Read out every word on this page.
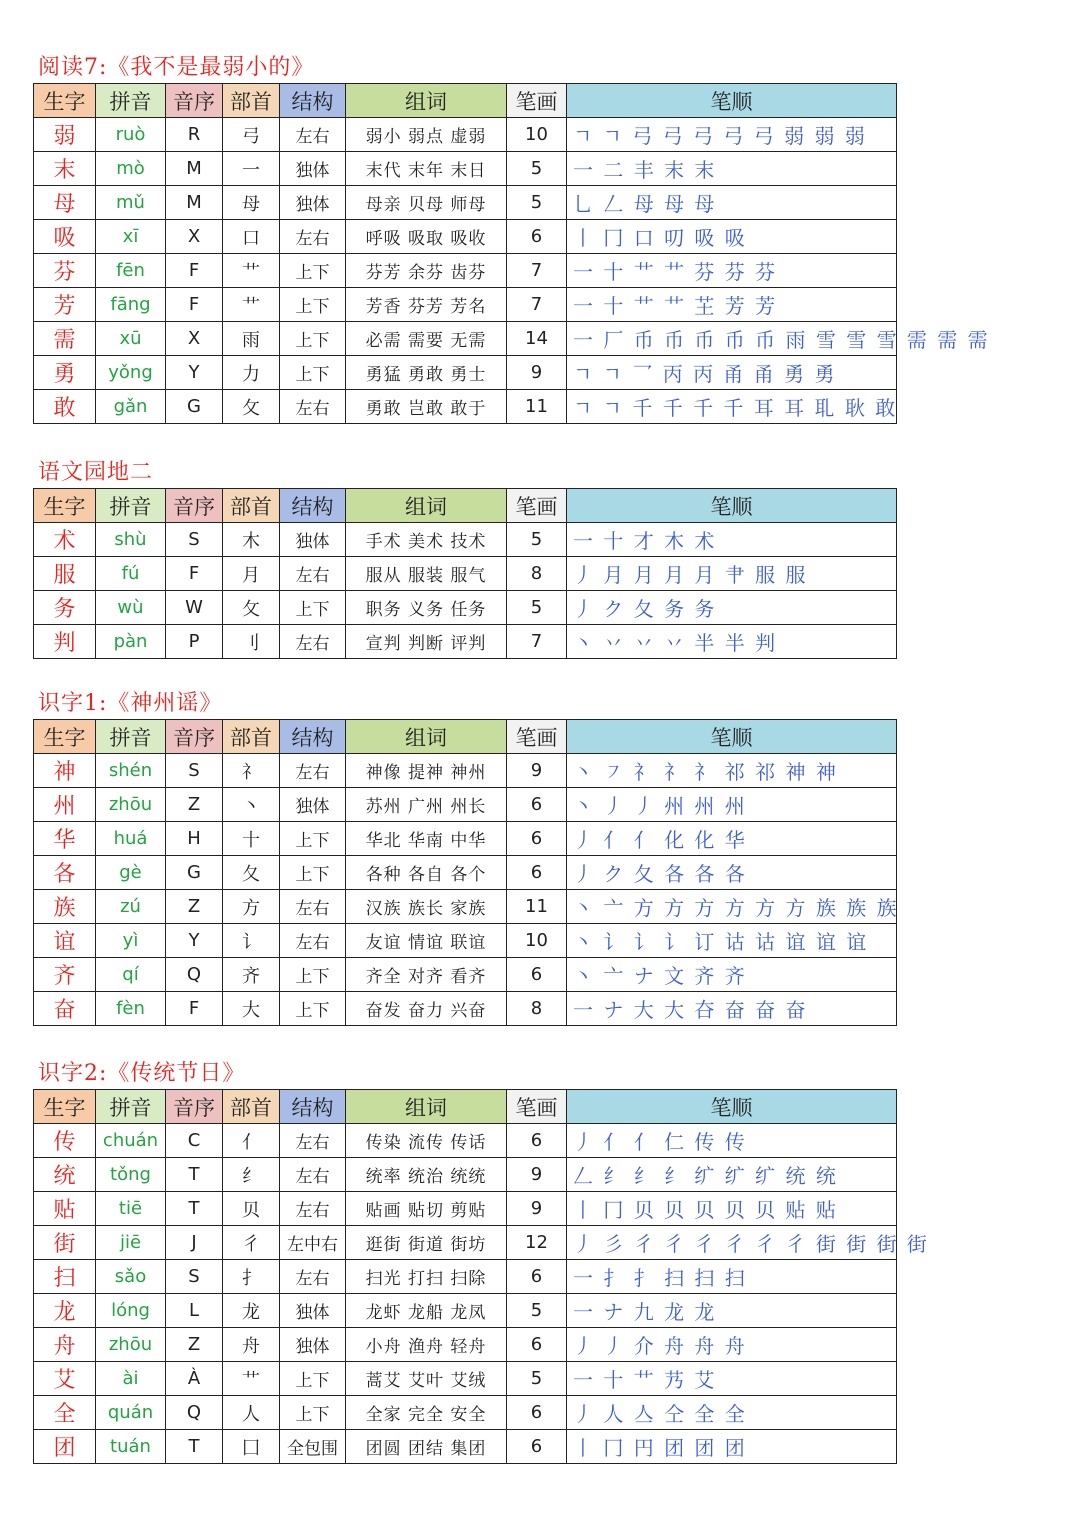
阅读7:《我不是最弱小的》
生字	拼音	音序	部首	结构	组词	笔画	笔顺
弱	ruò	R	弓	左右	弱小 弱点 虚弱	10	ㄱ ㄱ 弓 弓 弓 弓 弓 弱 弱 弱
末	mò	M	一	独体	末代 末年 末日	5	一 二 丰 末 末
母	mǔ	M	母	独体	母亲 贝母 师母	5	乚 𠃋 母 母 母
吸	xī	X	口	左右	呼吸 吸取 吸收	6	丨 冂 口 叨 吸 吸
芬	fēn	F	艹	上下	芬芳 余芬 齿芬	7	一 十 艹 艹 芬 芬 芬
芳	fāng	F	艹	上下	芳香 芬芳 芳名	7	一 十 艹 艹 芏 芳 芳
需	xū	X	雨	上下	必需 需要 无需	14	一 厂 币 币 币 币 币 雨 雪 雪 雪 需 需 需
勇	yǒng	Y	力	上下	勇猛 勇敢 勇士	9	ㄱ ㄱ 乛 丙 丙 甬 甬 勇 勇
敢	gǎn	G	攵	左右	勇敢 岂敢 敢于	11	ㄱ ㄱ 千 千 千 千 耳 耳 耴 耿 敢
语文园地二
生字	拼音	音序	部首	结构	组词	笔画	笔顺
术	shù	S	木	独体	手术 美术 技术	5	一 十 才 木 术
服	fú	F	月	左右	服从 服装 服气	8	丿 月 月 月 月 肀 服 服
务	wù	W	攵	上下	职务 义务 任务	5	丿 ク 夂 务 务
判	pàn	P	刂	左右	宣判 判断 评判	7	丶 丷 丷 丷 半 半 判
识字1:《神州谣》
生字	拼音	音序	部首	结构	组词	笔画	笔顺
神	shén	S	礻	左右	神像 提神 神州	9	丶 ㇇ 礻 礻 礻 祁 祁 神 神
州	zhōu	Z	丶	独体	苏州 广州 州长	6	丶 丿 丿 州 州 州
华	huá	H	十	上下	华北 华南 中华	6	丿 亻 亻 化 化 华
各	gè	G	夂	上下	各种 各自 各个	6	丿 ク 夂 各 各 各
族	zú	Z	方	左右	汉族 族长 家族	11	丶 亠 方 方 方 方 方 方 族 族 族
谊	yì	Y	讠	左右	友谊 情谊 联谊	10	丶 讠 讠 讠 订 诂 诂 谊 谊 谊
齐	qí	Q	齐	上下	齐全 对齐 看齐	6	丶 亠 ナ 文 齐 齐
奋	fèn	F	大	上下	奋发 奋力 兴奋	8	一 ナ 大 大 夻 奋 奋 奋
识字2:《传统节日》
生字	拼音	音序	部首	结构	组词	笔画	笔顺
传	chuán	C	亻	左右	传染 流传 传话	6	丿 亻 亻 仁 传 传
统	tǒng	T	纟	左右	统率 统治 统统	9	𠃋 纟 纟 纟 纩 纩 纩 统 统
贴	tiē	T	贝	左右	贴画 贴切 剪贴	9	丨 冂 贝 贝 贝 贝 贝 贴 贴
街	jiē	J	彳	左中右	逛街 街道 街坊	12	丿 彡 彳 彳 彳 彳 彳 彳 街 街 街 街
扫	sǎo	S	扌	左右	扫光 打扫 扫除	6	一 扌 扌 扫 扫 扫
龙	lóng	L	龙	独体	龙虾 龙船 龙凤	5	一 ナ 九 龙 龙
舟	zhōu	Z	舟	独体	小舟 渔舟 轻舟	6	丿 丿 介 舟 舟 舟
艾	ài	À	艹	上下	蒿艾 艾叶 艾绒	5	一 十 艹 艿 艾
全	quán	Q	人	上下	全家 完全 安全	6	丿 人 亼 仝 全 全
团	tuán	T	囗	全包围	团圆 团结 集团	6	丨 冂 円 团 团 团
